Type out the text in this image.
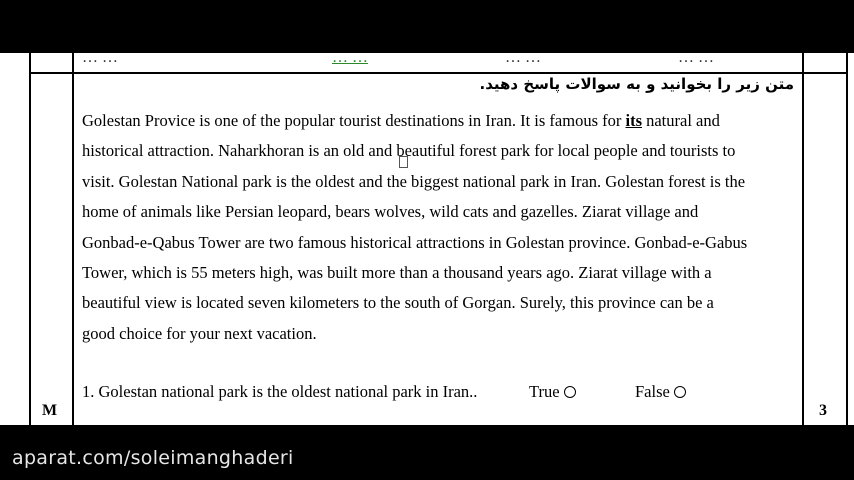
… …	… …	… …	… …
متن زیر را بخوانید و به سوالات پاسخ دهید.
Golestan Provice is one of the popular tourist destinations in Iran. It is famous for its natural and
historical attraction. Naharkhoran is an old and beautiful forest park for local people and tourists to
visit. Golestan National park is the oldest and the biggest national park in Iran. Golestan forest is the
home of animals like Persian leopard, bears wolves, wild cats and gazelles. Ziarat village and
Gonbad-e-Qabus Tower are two famous historical attractions in Golestan province. Gonbad-e-Gabus
Tower, which is 55 meters high, was built more than a thousand years ago. Ziarat village with a
beautiful view is located seven kilometers to the south of Gorgan. Surely, this province can be a
good choice for your next vacation.
1. Golestan national park is the oldest national park in Iran..	True	False
M	3
aparat.com/soleimanghaderi
